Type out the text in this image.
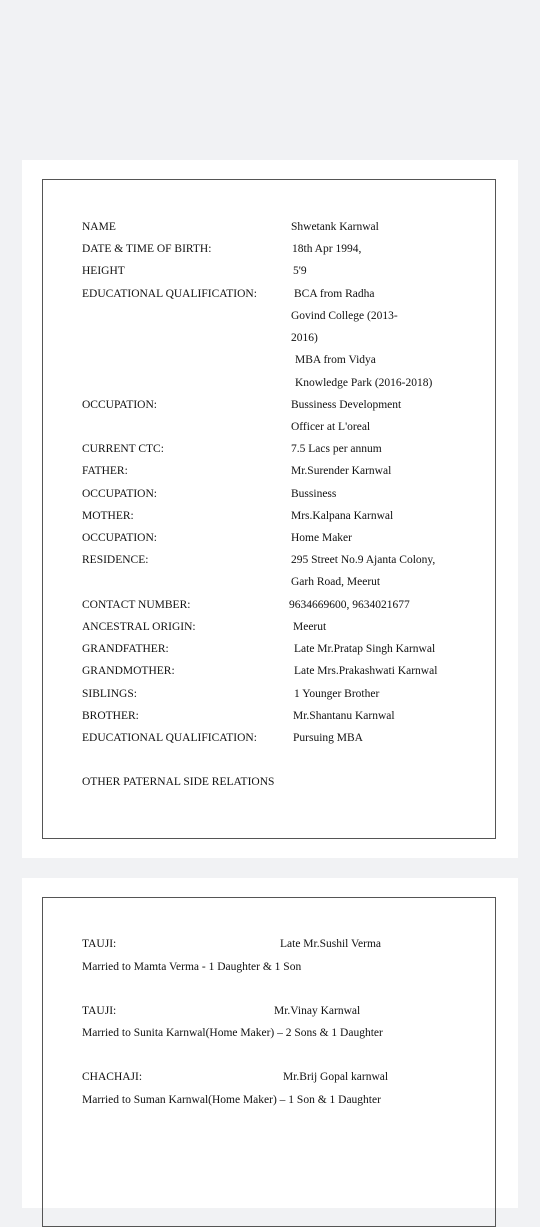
NAME	Shwetank Karnwal
DATE & TIME OF BIRTH:	18th Apr 1994,
HEIGHT	5'9
EDUCATIONAL QUALIFICATION:	BCA from Radha
Govind College (2013-
2016)
MBA from Vidya
Knowledge Park (2016-2018)
OCCUPATION:	Bussiness Development
Officer at L'oreal
CURRENT CTC:	7.5 Lacs per annum
FATHER:	Mr.Surender Karnwal
OCCUPATION:	Bussiness
MOTHER:	Mrs.Kalpana Karnwal
OCCUPATION:	Home Maker
RESIDENCE:	295 Street No.9 Ajanta Colony,
Garh Road, Meerut
CONTACT NUMBER:	9634669600, 9634021677
ANCESTRAL ORIGIN:	Meerut
GRANDFATHER:	Late Mr.Pratap Singh Karnwal
GRANDMOTHER:	Late Mrs.Prakashwati Karnwal
SIBLINGS:	1 Younger Brother
BROTHER:	Mr.Shantanu Karnwal
EDUCATIONAL QUALIFICATION:	Pursuing MBA
OTHER PATERNAL SIDE RELATIONS
TAUJI:	Late Mr.Sushil Verma
Married to Mamta Verma - 1 Daughter & 1 Son
TAUJI:	Mr.Vinay Karnwal
Married to Sunita Karnwal(Home Maker) – 2 Sons & 1 Daughter
CHACHAJI:	Mr.Brij Gopal karnwal
Married to Suman Karnwal(Home Maker) – 1 Son & 1 Daughter
